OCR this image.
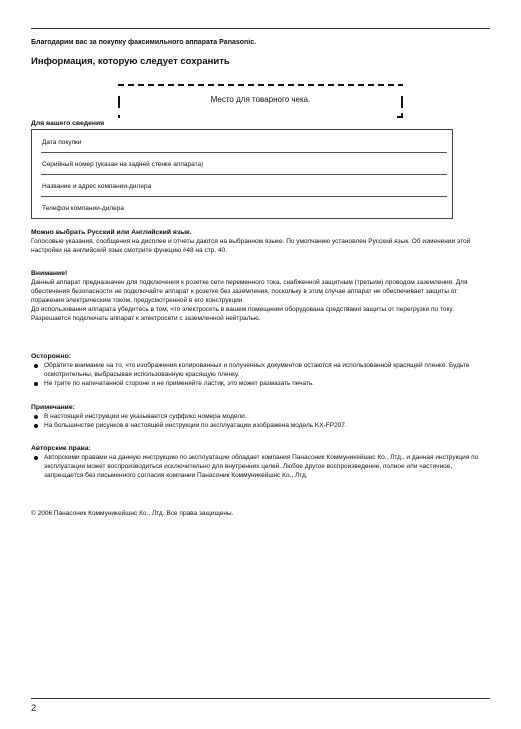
Благодарим вас за покупку факсимильного аппарата Panasonic.
Информация, которую следует сохранить
Место для товарного чека.
Для вашего сведения
Дата покупки
Серийный номер (указан на задней стенке аппарата)
Название и адрес компании-дилера
Телефон компании-дилера

Можно выбрать Русский или Английский язык.

Голосовые указания, сообщения на дисплее и отчеты даются на выбранном языке. По умолчанию установлен Русский язык. Об изменении этой настройки на английский язык смотрите функцию #48 на стр. 40.

Внимание!

Данный аппарат предназначен для подключения к розетке сети переменного тока, снабженной защитным (третьим) проводом заземления. Для обеспечения безопасности не подключайте аппарат к розетке без заземления, поскольку в этом случае аппарат не обеспечивает защиты от поражения электрическим током, предусмотренной в его конструкции.

До использования аппарата убедитесь в том, что электросеть в вашем помещении оборудована средствами защиты от перегрузки по току.

Разрешается подключать аппарат к электросети с заземленной нейтралью.

Осторожно:

Обратите внимание на то, что изображения копированных и полученных документов остаются на использованной красящей пленке. Будьте осмотрительны, выбрасывая использованную красящую пленку.
Не трите по напечатанной стороне и не применяйте ластик, это может размазать печать.

Примечание:

В настоящей инструкции не указывается суффикс номера модели.
На большинстве рисунков в настоящей инструкции по эксплуатации изображена модель KX-FP207.

Авторские права:

Авторскими правами на данную инструкцию по эксплуатации обладает компания Панасоник Коммуникейшнс Ко., Лтд., и данная инструкция по эксплуатации может воспроизводиться исключительно для внутренних целей. Любое другое воспроизведение, полное или частичное, запрещается без письменного согласия компании Панасоник Коммуникейшнс Ко., Лтд.
© 2006 Панасоник Коммуникейшнс Ко., Лтд. Все права защищены.
2
